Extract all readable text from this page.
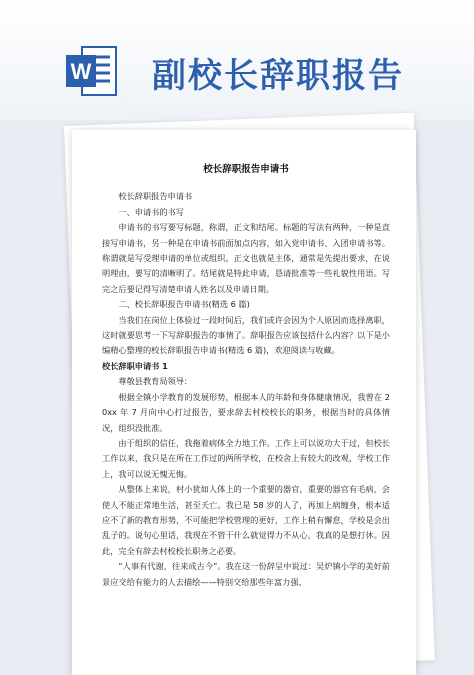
W 副校长辞职报告
校长辞职报告申请书

校长辞职报告申请书

一、申请书的书写

申请书的书写要写标题，称谓，正文和结尾。标题的写法有两种，一种是直接写申请书，另一种是在申请书前面加点内容，如入党申请书、入团申请书等。称谓就是写受理申请的单位或组织。正文也就是主体，通常是先提出要求，在说明理由，要写的清晰明了。结尾就是特此申请，恳请批准等一些礼貌性用语。写完之后要记得写清楚申请人姓名以及申请日期。

二、校长辞职报告申请书(精选 6 篇)

当我们在岗位上体验过一段时间后，我们或许会因为个人原因而选择离职，这时就要思考一下写辞职报告的事情了。辞职报告应该包括什么内容？以下是小编精心整理的校长辞职报告申请书(精选 6 篇)，欢迎阅读与收藏。

校长辞职申请书 1

尊敬县教育局领导：

根据全镇小学教育的发展形势，根据本人的年龄和身体健康情况，我曾在 20xx 年 7 月向中心打过报告，要求辞去村校校长的职务，根据当时的具体情况，组织没批准。

由于组织的信任，我拖着病体全力地工作。工作上可以说功大于过，但校长工作以来，我只是在所在工作过的两所学校，在校舍上有较大的改观，学校工作上，我可以说无愧无悔。

从整体上来说，村小犹如人体上的一个重要的器官，重要的器官有毛病，会使人不能正常地生活，甚至夭亡。我已是 58 岁的人了，再加上病缠身，根本适应不了新的教育形势，不可能把学校管理的更好，工作上稍有懈怠，学校是会出乱子的。说句心里话，我现在不管干什么就觉得力不从心，我真的是想打休。因此，完全有辞去村校校长职务之必要。

“人事有代谢，往来成古今”。我在这一份辞呈中说过：吴炉镇小学的美好前景应交给有能力的人去描绘——特别交给那些年富力强、
